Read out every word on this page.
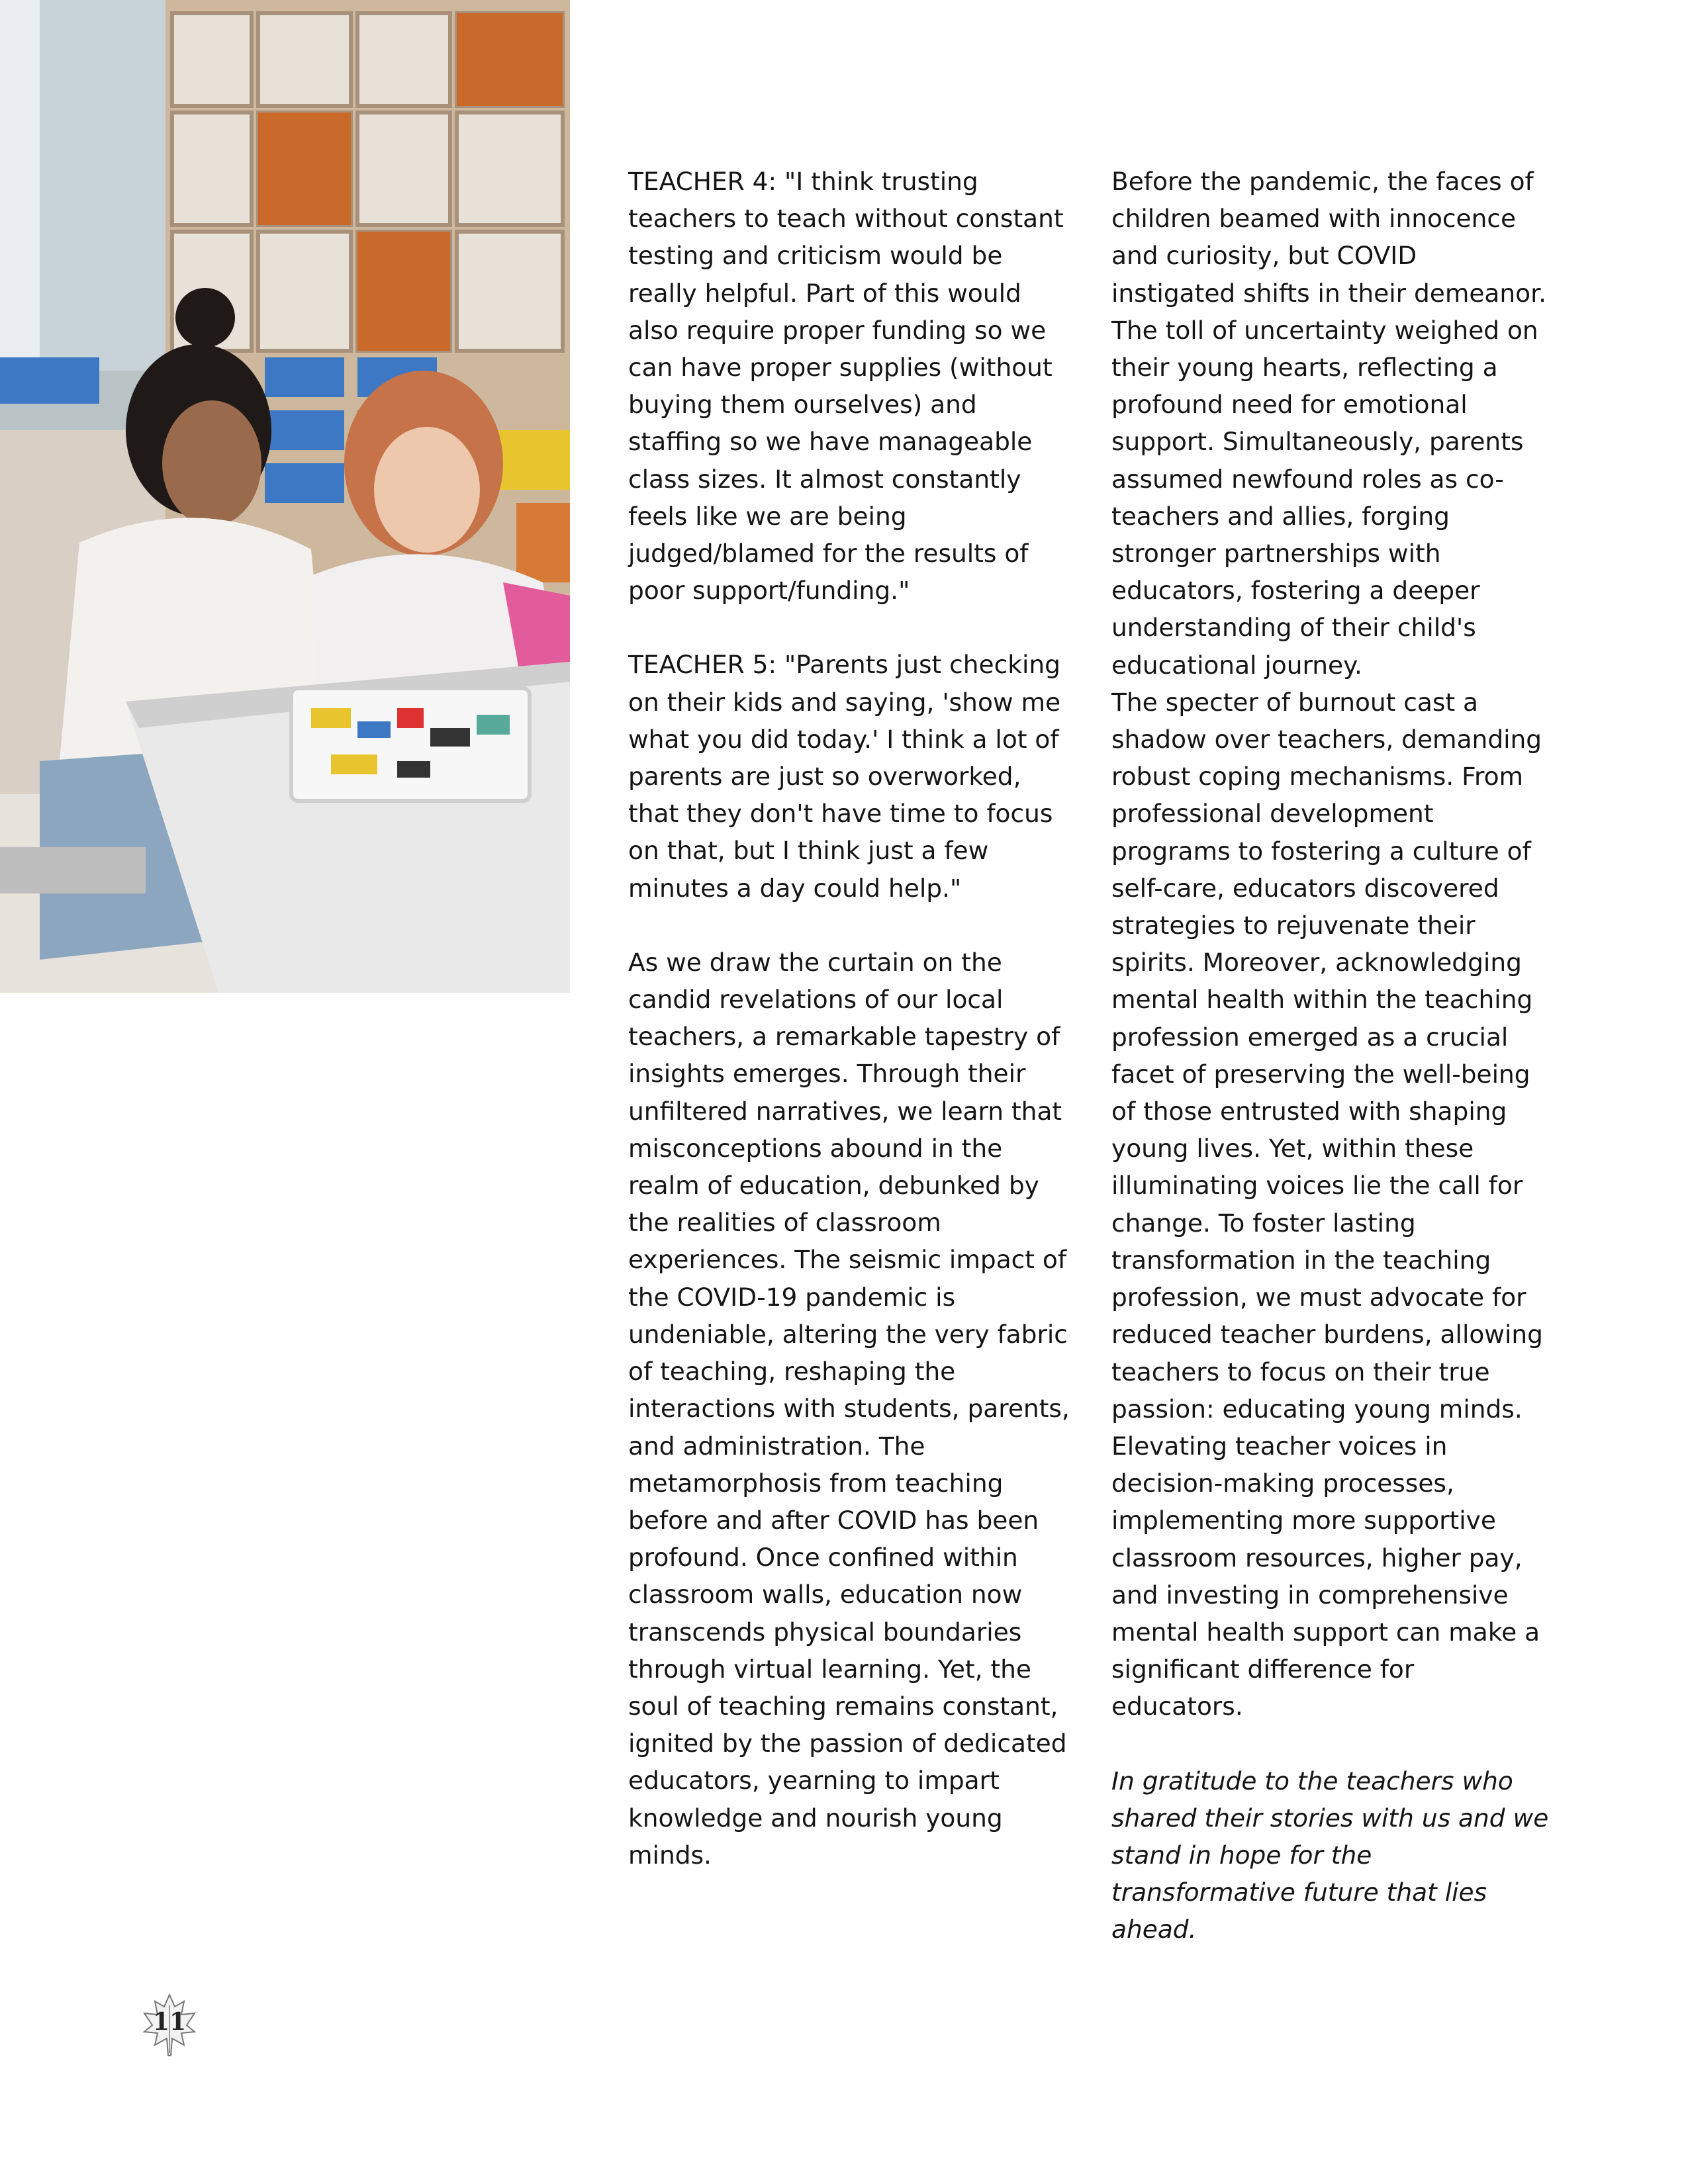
TEACHER 4: "I think trusting
teachers to teach without constant
testing and criticism would be
really helpful. Part of this would
also require proper funding so we
can have proper supplies (without
buying them ourselves) and
staffing so we have manageable
class sizes. It almost constantly
feels like we are being
judged/blamed for the results of
poor support/funding."

TEACHER 5: "Parents just checking
on their kids and saying, 'show me
what you did today.' I think a lot of
parents are just so overworked,
that they don't have time to focus
on that, but I think just a few
minutes a day could help."

As we draw the curtain on the
candid revelations of our local
teachers, a remarkable tapestry of
insights emerges. Through their
unfiltered narratives, we learn that
misconceptions abound in the
realm of education, debunked by
the realities of classroom
experiences. The seismic impact of
the COVID-19 pandemic is
undeniable, altering the very fabric
of teaching, reshaping the
interactions with students, parents,
and administration. The
metamorphosis from teaching
before and after COVID has been
profound. Once confined within
classroom walls, education now
transcends physical boundaries
through virtual learning. Yet, the
soul of teaching remains constant,
ignited by the passion of dedicated
educators, yearning to impart
knowledge and nourish young
minds.

Before the pandemic, the faces of
children beamed with innocence
and curiosity, but COVID
instigated shifts in their demeanor.
The toll of uncertainty weighed on
their young hearts, reflecting a
profound need for emotional
support. Simultaneously, parents
assumed newfound roles as co-
teachers and allies, forging
stronger partnerships with
educators, fostering a deeper
understanding of their child's
educational journey.

The specter of burnout cast a
shadow over teachers, demanding
robust coping mechanisms. From
professional development
programs to fostering a culture of
self-care, educators discovered
strategies to rejuvenate their
spirits. Moreover, acknowledging
mental health within the teaching
profession emerged as a crucial
facet of preserving the well-being
of those entrusted with shaping
young lives. Yet, within these
illuminating voices lie the call for
change. To foster lasting
transformation in the teaching
profession, we must advocate for
reduced teacher burdens, allowing
teachers to focus on their true
passion: educating young minds.
Elevating teacher voices in
decision-making processes,
implementing more supportive
classroom resources, higher pay,
and investing in comprehensive
mental health support can make a
significant difference for
educators.

In gratitude to the teachers who
shared their stories with us and we
stand in hope for the
transformative future that lies
ahead.

11
